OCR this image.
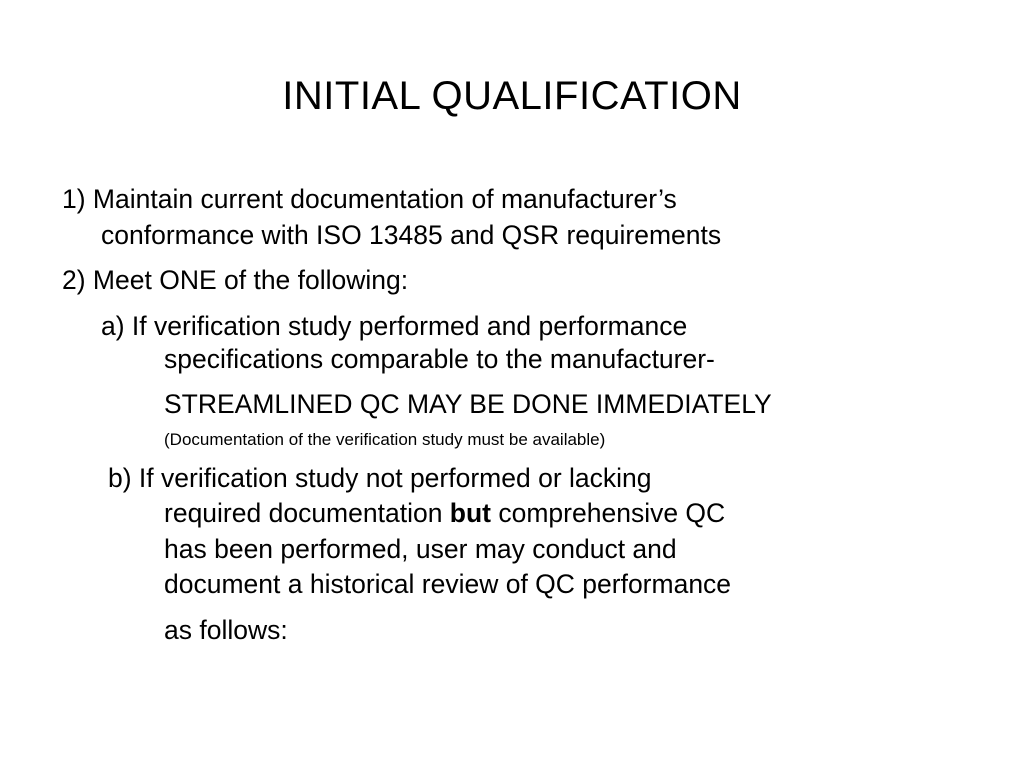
INITIAL QUALIFICATION
1) Maintain current documentation of manufacturer’s
conformance with ISO 13485 and QSR requirements
2) Meet ONE of the following:
a) If verification study performed and performance
specifications comparable to the manufacturer-
STREAMLINED QC MAY BE DONE IMMEDIATELY
(Documentation of the verification study must be available)
b) If verification study not performed or lacking
required documentation but comprehensive QC
has been performed, user may conduct and
document a historical review of QC performance
as follows:
